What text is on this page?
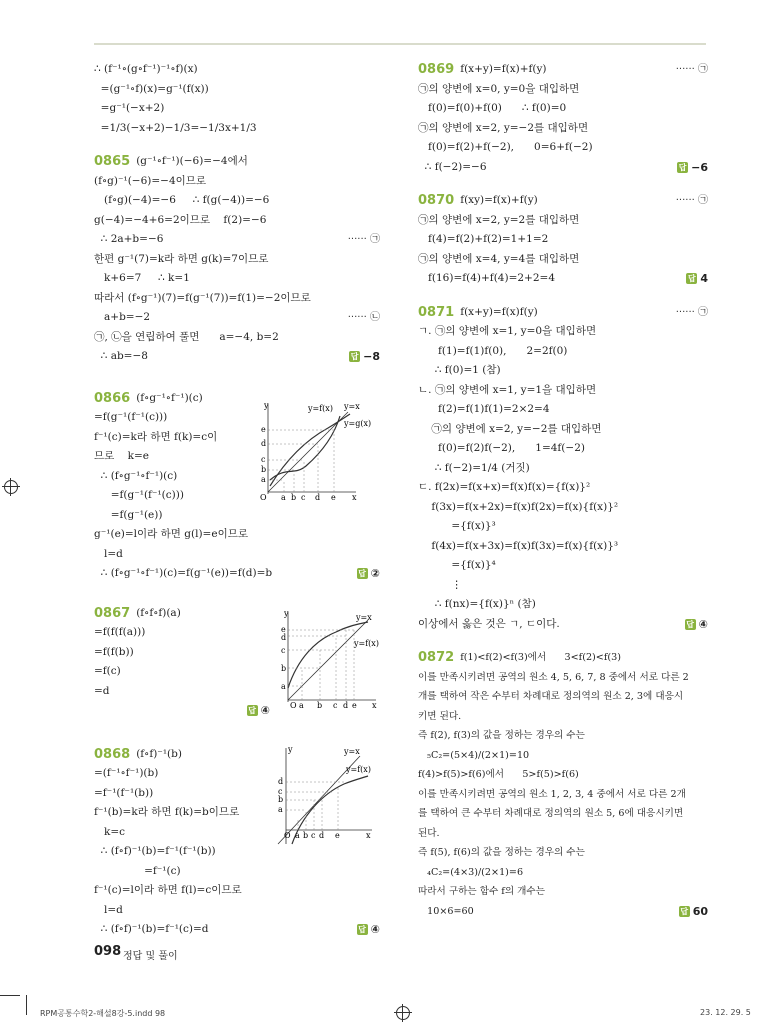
∴ (f⁻¹∘(g∘f⁻¹)⁻¹∘f)(x)
=(g⁻¹∘f)(x)=g⁻¹(f(x))
=g⁻¹(−x+2)
=1/3(−x+2)−1/3=−1/3x+1/3
0865 (g⁻¹∘f⁻¹)(−6)=−4에서
(f∘g)⁻¹(−6)=−4이므로
(f∘g)(−4)=−6     ∴ f(g(−4))=−6
g(−4)=−4+6=2이므로    f(2)=−6
∴ 2a+b=−6	······ ㉠
한편 g⁻¹(7)=k라 하면 g(k)=7이므로
k+6=7     ∴ k=1
따라서 (f∘g⁻¹)(7)=f(g⁻¹(7))=f(1)=−2이므로
a+b=−2	······ ㉡
㉠, ㉡을 연립하여 풀면      a=−4, b=2
∴ ab=−8	답 −8
0866 (f∘g⁻¹∘f⁻¹)(c)
=f(g⁻¹(f⁻¹(c)))
f⁻¹(c)=k라 하면 f(k)=c이
므로    k=e
∴ (f∘g⁻¹∘f⁻¹)(c)
=f(g⁻¹(f⁻¹(c)))
=f(g⁻¹(e))
g⁻¹(e)=l이라 하면 g(l)=e이므로
l=d
∴ (f∘g⁻¹∘f⁻¹)(c)=f(g⁻¹(e))=f(d)=b	답 ②
0867 (f∘f∘f)(a)
=f(f(f(a)))
=f(f(b))
=f(c)
=d
답 ④
0868 (f∘f)⁻¹(b)
=(f⁻¹∘f⁻¹)(b)
=f⁻¹(f⁻¹(b))
f⁻¹(b)=k라 하면 f(k)=b이므로
k=c
∴ (f∘f)⁻¹(b)=f⁻¹(f⁻¹(b))
=f⁻¹(c)
f⁻¹(c)=l이라 하면 f(l)=c이므로
l=d
∴ (f∘f)⁻¹(b)=f⁻¹(c)=d	답 ④
e
d
c
b
a
a b c d e
O	x
y	y=f(x) y=x
y=g(x)
e
d
c
b
a
a b c d e
O	x
y	y=x
y=f(x)
d
c
b
a
a b c d e
O	x
y	y=x
y=f(x)
0869 f(x+y)=f(x)+f(y)	······ ㉠
㉠의 양변에 x=0, y=0을 대입하면
f(0)=f(0)+f(0)      ∴ f(0)=0
㉠의 양변에 x=2, y=−2를 대입하면
f(0)=f(2)+f(−2),      0=6+f(−2)
∴ f(−2)=−6	답 −6
0870 f(xy)=f(x)+f(y)	······ ㉠
㉠의 양변에 x=2, y=2를 대입하면
f(4)=f(2)+f(2)=1+1=2
㉠의 양변에 x=4, y=4를 대입하면
f(16)=f(4)+f(4)=2+2=4	답 4
0871 f(x+y)=f(x)f(y)	······ ㉠
ㄱ. ㉠의 양변에 x=1, y=0을 대입하면
f(1)=f(1)f(0),      2=2f(0)
∴ f(0)=1 (참)
ㄴ. ㉠의 양변에 x=1, y=1을 대입하면
f(2)=f(1)f(1)=2×2=4
㉠의 양변에 x=2, y=−2를 대입하면
f(0)=f(2)f(−2),      1=4f(−2)
∴ f(−2)=1/4 (거짓)
ㄷ. f(2x)=f(x+x)=f(x)f(x)={f(x)}²
f(3x)=f(x+2x)=f(x)f(2x)=f(x){f(x)}²
={f(x)}³
f(4x)=f(x+3x)=f(x)f(3x)=f(x){f(x)}³
={f(x)}⁴
⋮
∴ f(nx)={f(x)}ⁿ (참)
이상에서 옳은 것은 ㄱ, ㄷ이다.	답 ④
0872 f(1)<f(2)<f(3)에서      3<f(2)<f(3)
이를 만족시키려면 공역의 원소 4, 5, 6, 7, 8 중에서 서로 다른 2
개를 택하여 작은 수부터 차례대로 정의역의 원소 2, 3에 대응시
키면 된다.
즉 f(2), f(3)의 값을 정하는 경우의 수는
₅C₂=(5×4)/(2×1)=10
f(4)>f(5)>f(6)에서      5>f(5)>f(6)
이를 만족시키려면 공역의 원소 1, 2, 3, 4 중에서 서로 다른 2개
를 택하여 큰 수부터 차례대로 정의역의 원소 5, 6에 대응시키면
된다.
즉 f(5), f(6)의 값을 정하는 경우의 수는
₄C₂=(4×3)/(2×1)=6
따라서 구하는 함수 f의 개수는
10×6=60	답 60
098 정답 및 풀이
RPM공통수학2-해설8강-5.indd 98	23. 12. 29. 5
